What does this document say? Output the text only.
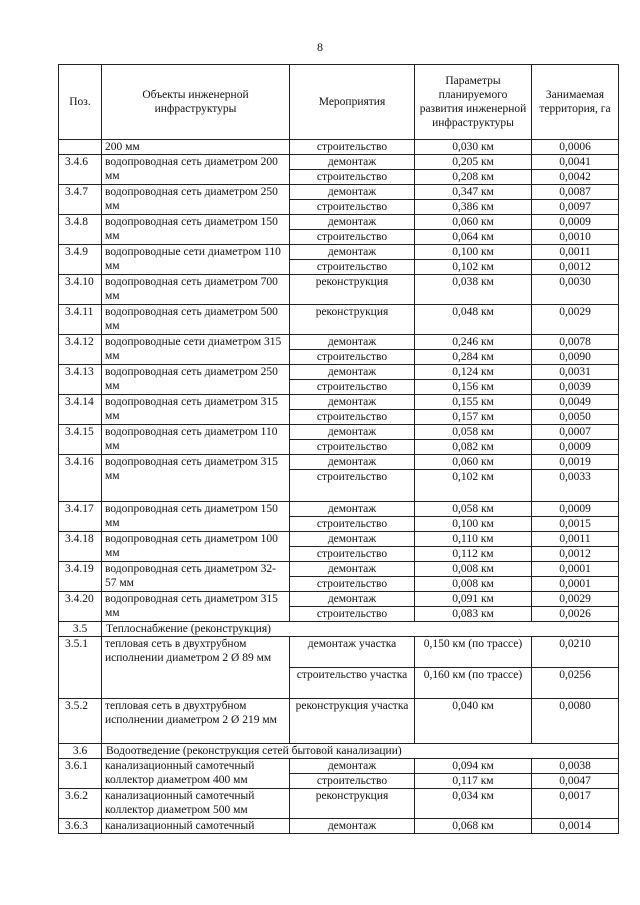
8
Поз.	Объекты инженерной инфраструктуры	Мероприятия	Параметры планируемого развития инженерной инфраструктуры	Занимаемая территория, га
	200 мм	строительство	0,030 км	0,0006
3.4.6	водопроводная сеть диаметром 200 мм	демонтаж	0,205 км	0,0041
		строительство	0,208 км	0,0042
3.4.7	водопроводная сеть диаметром 250 мм	демонтаж	0,347 км	0,0087
		строительство	0,386 км	0,0097
3.4.8	водопроводная сеть диаметром 150 мм	демонтаж	0,060 км	0,0009
		строительство	0,064 км	0,0010
3.4.9	водопроводные сети диаметром 110 мм	демонтаж	0,100 км	0,0011
		строительство	0,102 км	0,0012
3.4.10	водопроводная сеть диаметром 700 мм	реконструкция	0,038 км	0,0030
3.4.11	водопроводная сеть диаметром 500 мм	реконструкция	0,048 км	0,0029
3.4.12	водопроводные сети диаметром 315 мм	демонтаж	0,246 км	0,0078
		строительство	0,284 км	0,0090
3.4.13	водопроводная сеть диаметром 250 мм	демонтаж	0,124 км	0,0031
		строительство	0,156 км	0,0039
3.4.14	водопроводная сеть диаметром 315 мм	демонтаж	0,155 км	0,0049
		строительство	0,157 км	0,0050
3.4.15	водопроводная сеть диаметром 110 мм	демонтаж	0,058 км	0,0007
		строительство	0,082 км	0,0009
3.4.16	водопроводная сеть диаметром 315 мм	демонтаж	0,060 км	0,0019
		строительство	0,102 км	0,0033
3.4.17	водопроводная сеть диаметром 150 мм	демонтаж	0,058 км	0,0009
		строительство	0,100 км	0,0015
3.4.18	водопроводная сеть диаметром 100 мм	демонтаж	0,110 км	0,0011
		строительство	0,112 км	0,0012
3.4.19	водопроводная сеть диаметром 32-57 мм	демонтаж	0,008 км	0,0001
		строительство	0,008 км	0,0001
3.4.20	водопроводная сеть диаметром 315 мм	демонтаж	0,091 км	0,0029
		строительство	0,083 км	0,0026
3.5	Теплоснабжение (реконструкция)			
3.5.1	тепловая сеть в двухтрубном исполнении диаметром 2 Ø 89 мм	демонтаж участка	0,150 км (по трассе)	0,0210
		строительство участка	0,160 км (по трассе)	0,0256
3.5.2	тепловая сеть в двухтрубном исполнении диаметром 2 Ø 219 мм	реконструкция участка	0,040 км	0,0080
3.6	Водоотведение (реконструкция сетей бытовой канализации)			
3.6.1	канализационный самотечный коллектор диаметром 400 мм	демонтаж	0,094 км	0,0038
		строительство	0,117 км	0,0047
3.6.2	канализационный самотечный коллектор диаметром 500 мм	реконструкция	0,034 км	0,0017
3.6.3	канализационный самотечный	демонтаж	0,068 км	0,0014
